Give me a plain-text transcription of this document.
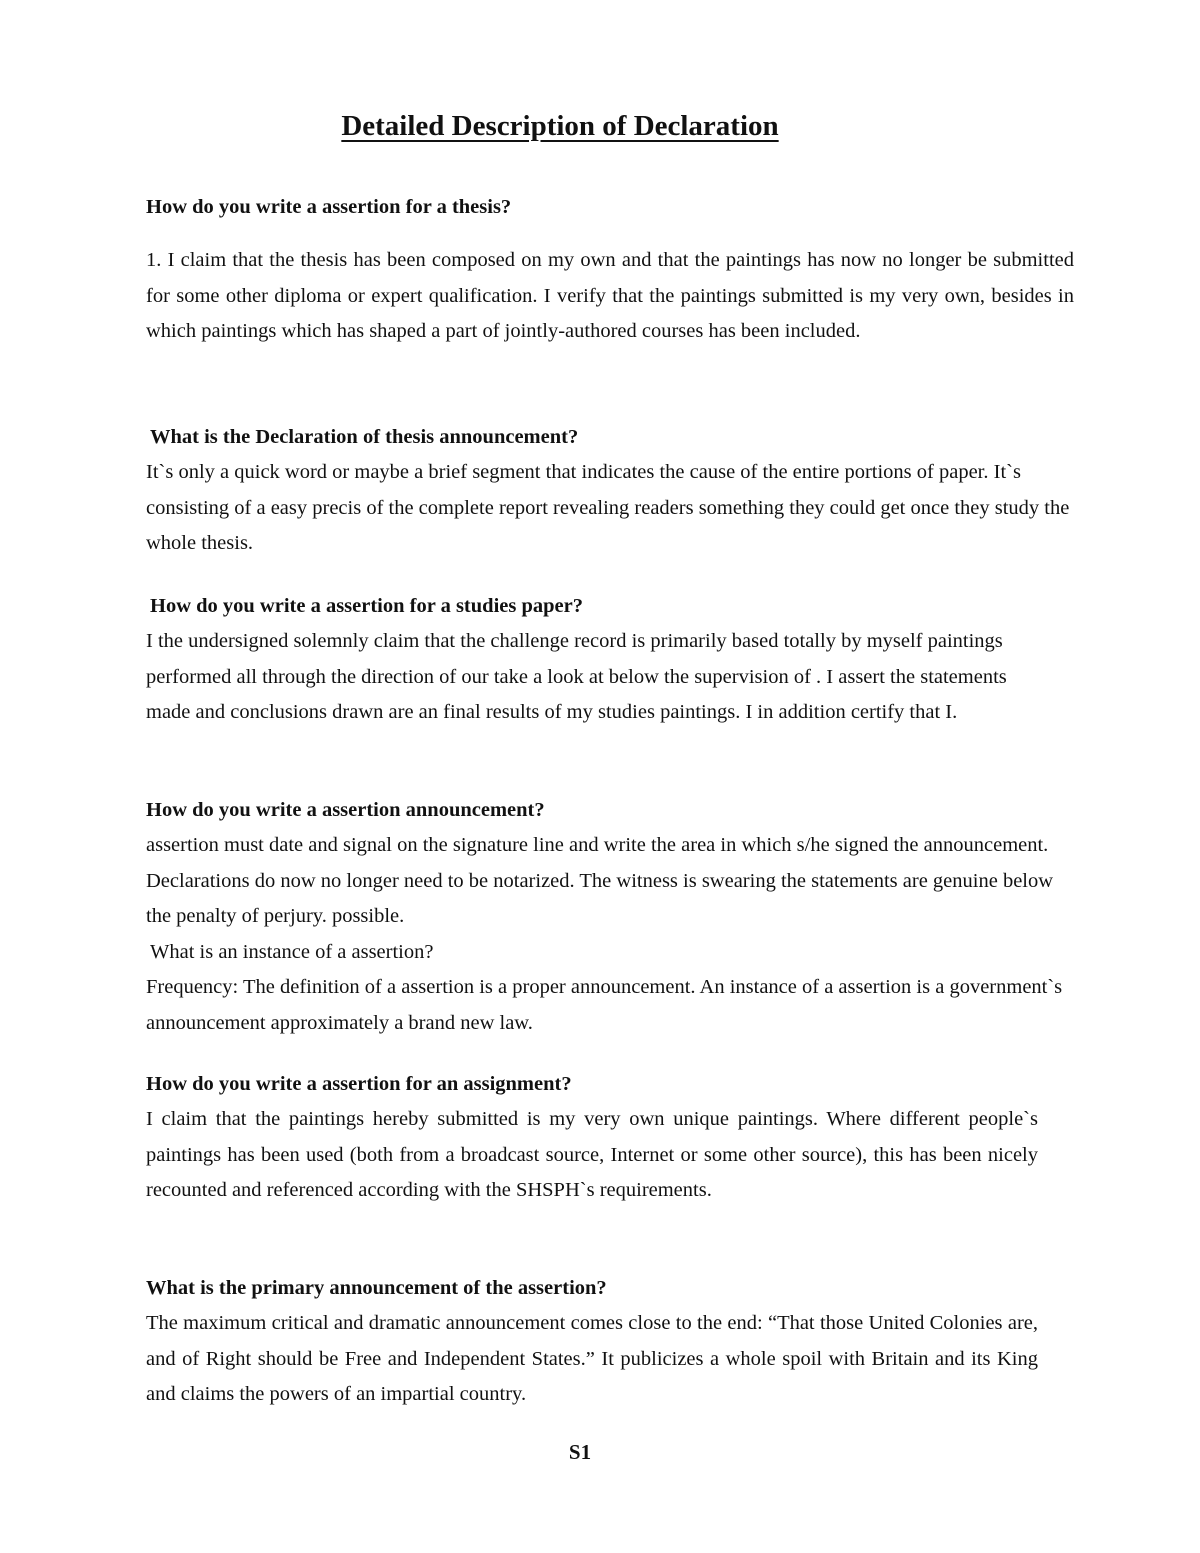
Detailed Description of Declaration

How do you write a assertion for a thesis?

1. I claim that the thesis has been composed on my own and that the paintings has now no longer be submitted for some other diploma or expert qualification. I verify that the paintings submitted is my very own, besides in which paintings which has shaped a part of jointly-authored courses has been included.

What is the Declaration of thesis announcement?

It`s only a quick word or maybe a brief segment that indicates the cause of the entire portions of paper. It`s consisting of a easy precis of the complete report revealing readers something they could get once they study the whole thesis.

How do you write a assertion for a studies paper?

I the undersigned solemnly claim that the challenge record is primarily based totally by myself paintings performed all through the direction of our take a look at below the supervision of . I assert the statements made and conclusions drawn are an final results of my studies paintings. I in addition certify that I.

How do you write a assertion announcement?

assertion must date and signal on the signature line and write the area in which s/he signed the announcement. Declarations do now no longer need to be notarized. The witness is swearing the statements are genuine below the penalty of perjury. possible.

What is an instance of a assertion?

Frequency: The definition of a assertion is a proper announcement. An instance of a assertion is a government`s announcement approximately a brand new law.

How do you write a assertion for an assignment?

I claim that the paintings hereby submitted is my very own unique paintings. Where different people`s paintings has been used (both from a broadcast source, Internet or some other source), this has been nicely recounted and referenced according with the SHSPH`s requirements.

What is the primary announcement of the assertion?

The maximum critical and dramatic announcement comes close to the end: “That those United Colonies are, and of Right should be Free and Independent States.” It publicizes a whole spoil with Britain and its King and claims the powers of an impartial country.

S1
